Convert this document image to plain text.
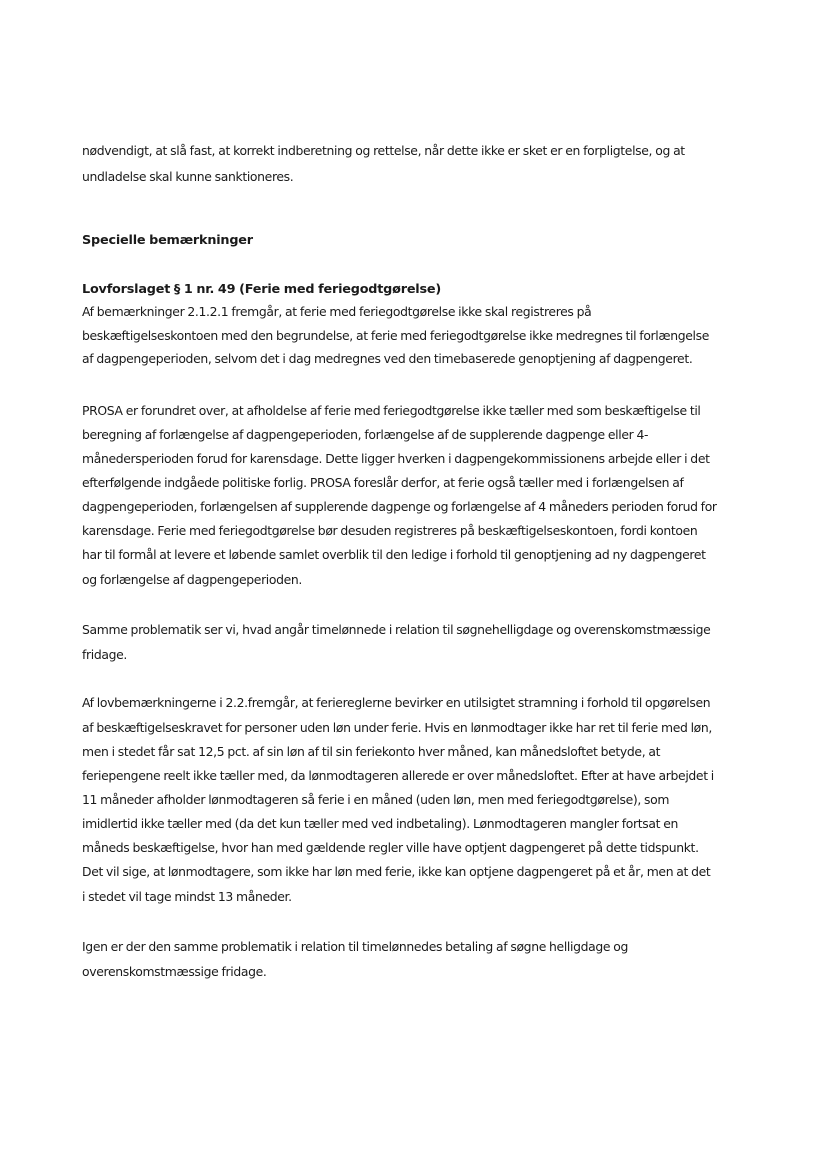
nødvendigt, at slå fast, at korrekt indberetning og rettelse, når dette ikke er sket er en forpligtelse, og at
undladelse skal kunne sanktioneres.
Specielle bemærkninger
Lovforslaget § 1 nr. 49 (Ferie med feriegodtgørelse)
Af bemærkninger 2.1.2.1 fremgår, at ferie med feriegodtgørelse ikke skal registreres på
beskæftigelseskontoen med den begrundelse, at ferie med feriegodtgørelse ikke medregnes til forlængelse
af dagpengeperioden, selvom det i dag medregnes ved den timebaserede genoptjening af dagpengeret.
PROSA er forundret over, at afholdelse af ferie med feriegodtgørelse ikke tæller med som beskæftigelse til
beregning af forlængelse af dagpengeperioden, forlængelse af de supplerende dagpenge eller 4-
månedersperioden forud for karensdage. Dette ligger hverken i dagpengekommissionens arbejde eller i det
efterfølgende indgåede politiske forlig. PROSA foreslår derfor, at ferie også tæller med i forlængelsen af
dagpengeperioden, forlængelsen af supplerende dagpenge og forlængelse af 4 måneders perioden forud for
karensdage. Ferie med feriegodtgørelse bør desuden registreres på beskæftigelseskontoen, fordi kontoen
har til formål at levere et løbende samlet overblik til den ledige i forhold til genoptjening ad ny dagpengeret
og forlængelse af dagpengeperioden.
Samme problematik ser vi, hvad angår timelønnede i relation til søgnehelligdage og overenskomstmæssige
fridage.
Af lovbemærkningerne i 2.2.fremgår, at feriereglerne bevirker en utilsigtet stramning i forhold til opgørelsen
af beskæftigelseskravet for personer uden løn under ferie. Hvis en lønmodtager ikke har ret til ferie med løn,
men i stedet får sat 12,5 pct. af sin løn af til sin feriekonto hver måned, kan månedsloftet betyde, at
feriepengene reelt ikke tæller med, da lønmodtageren allerede er over månedsloftet. Efter at have arbejdet i
11 måneder afholder lønmodtageren så ferie i en måned (uden løn, men med feriegodtgørelse), som
imidlertid ikke tæller med (da det kun tæller med ved indbetaling). Lønmodtageren mangler fortsat en
måneds beskæftigelse, hvor han med gældende regler ville have optjent dagpengeret på dette tidspunkt.
Det vil sige, at lønmodtagere, som ikke har løn med ferie, ikke kan optjene dagpengeret på et år, men at det
i stedet vil tage mindst 13 måneder.
Igen er der den samme problematik i relation til timelønnedes betaling af søgne helligdage og
overenskomstmæssige fridage.
